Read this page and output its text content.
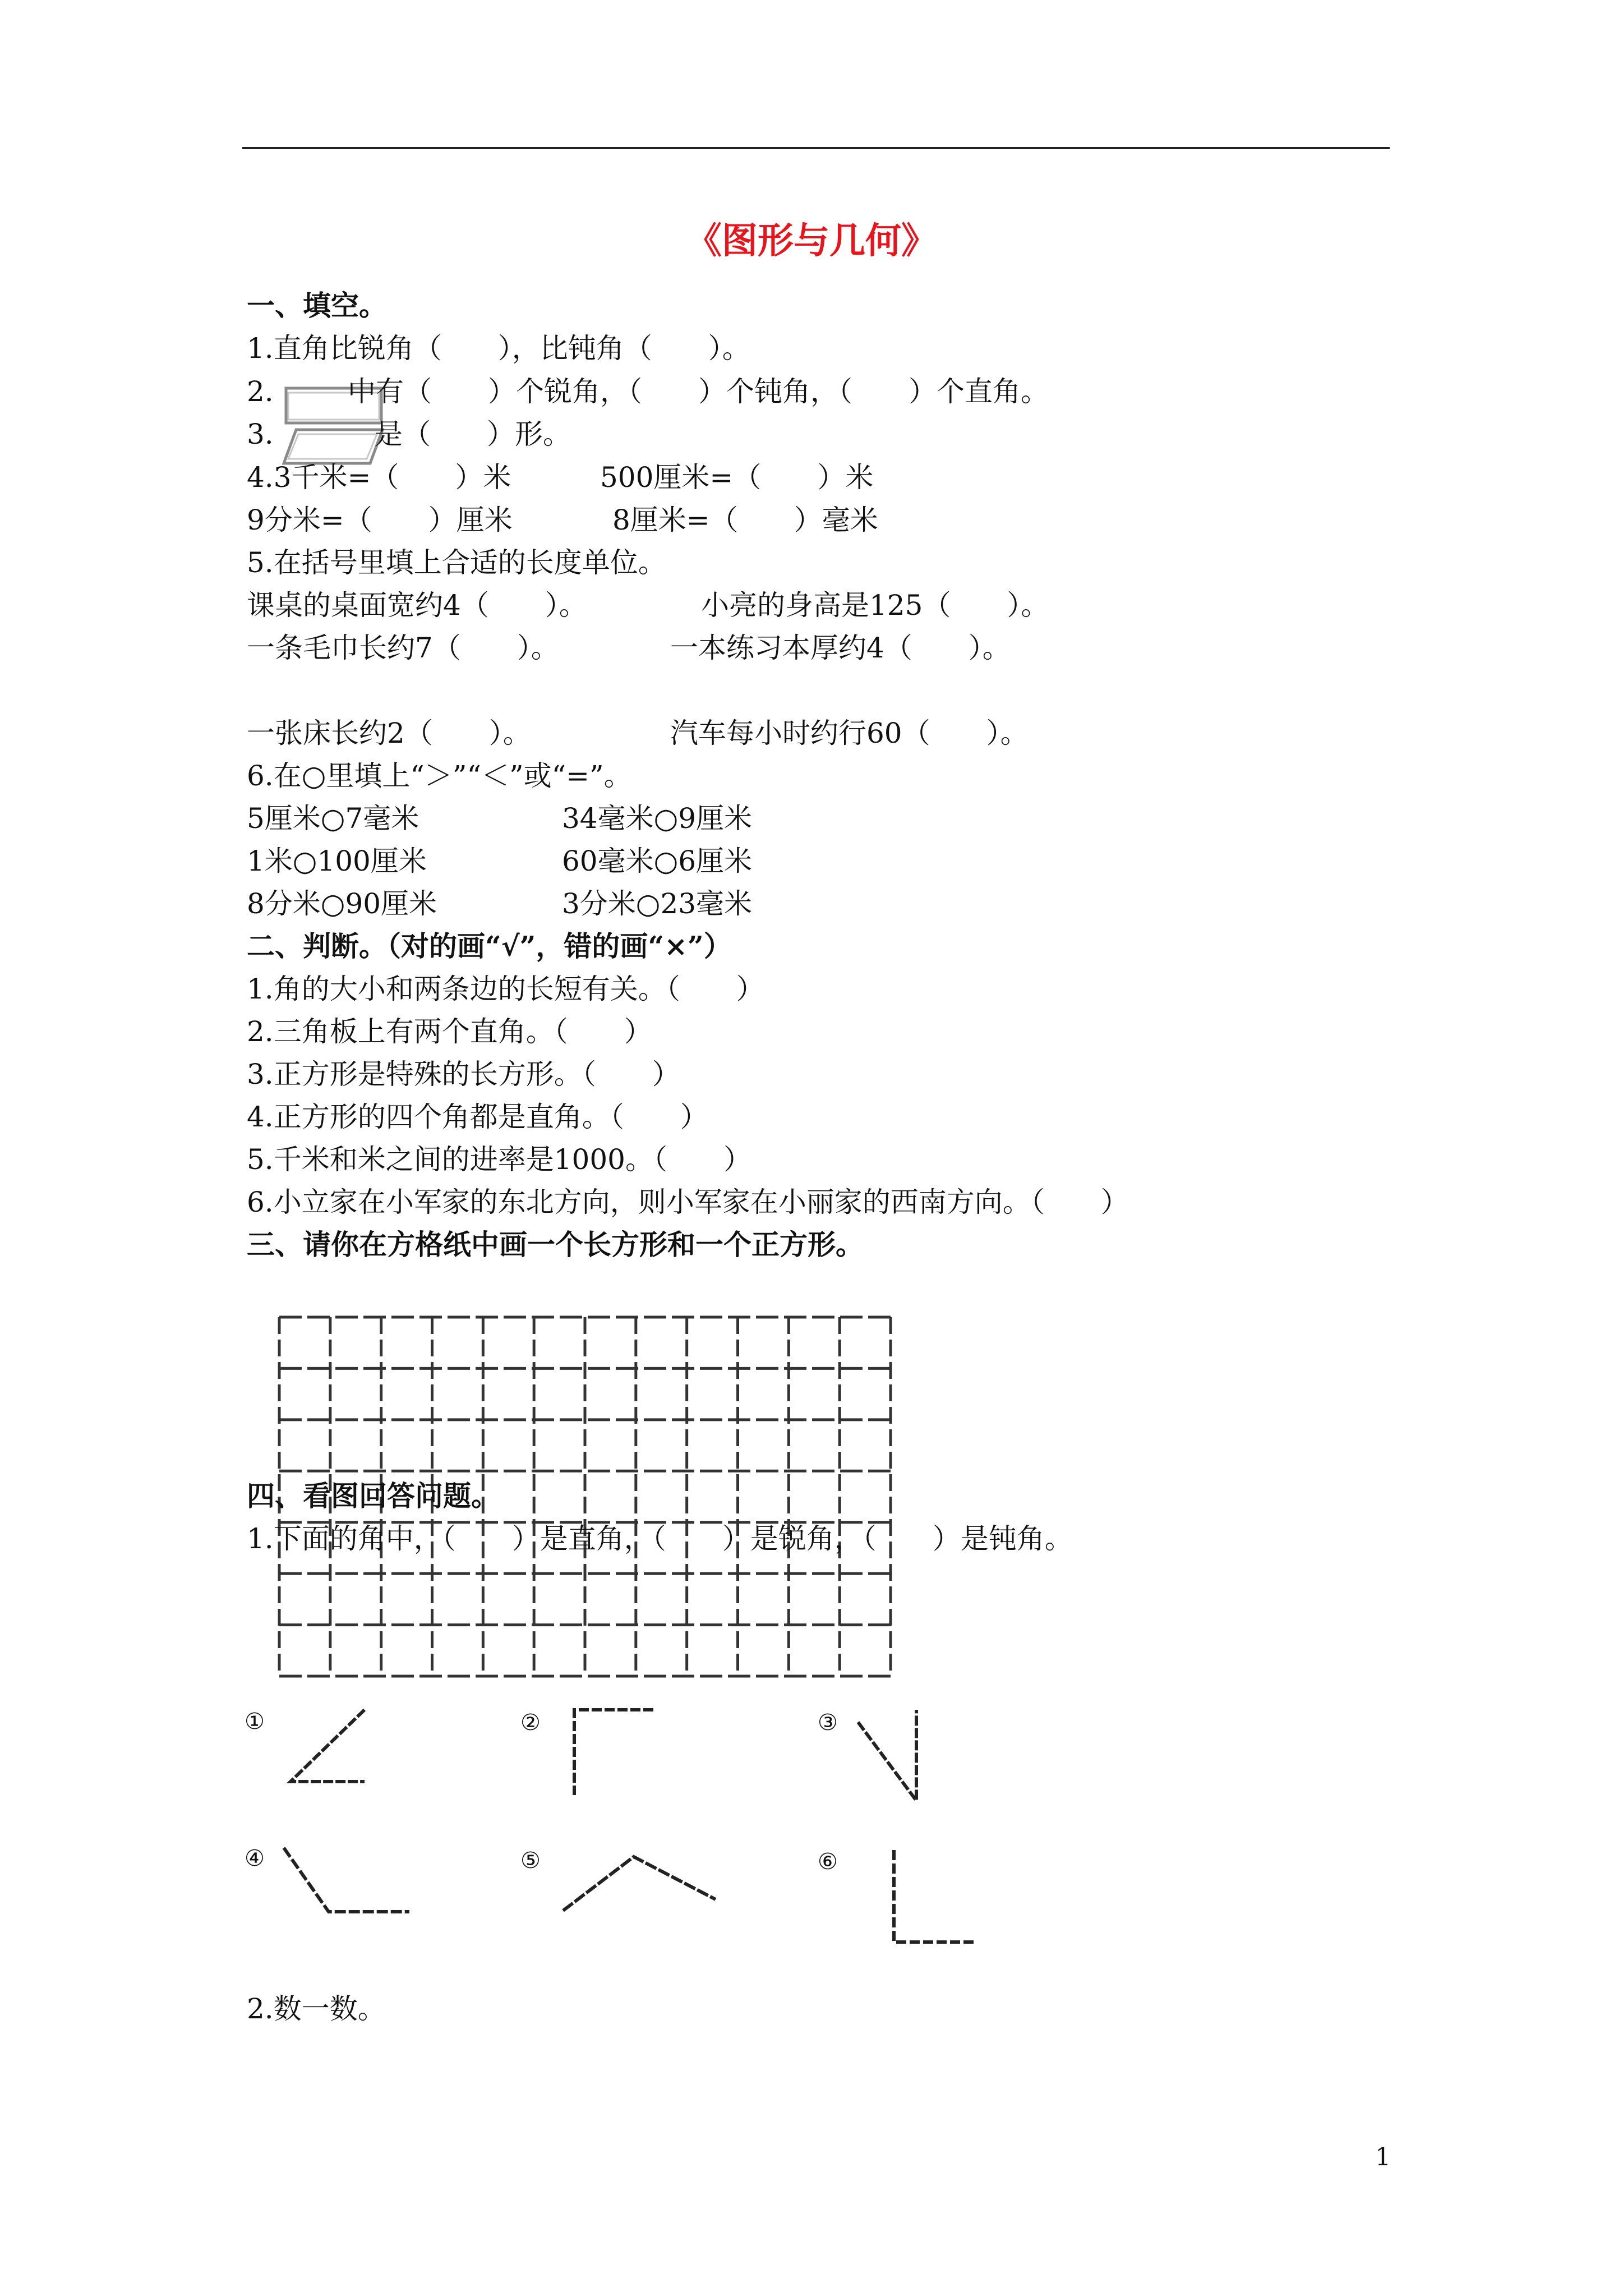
《图形与几何》
一、填空。
1.直角比锐角（　　），比钝角（　　）。
2.	中有（　　）个锐角，（　　）个钝角，（　　）个直角。
3.	是（　　）形。
4.3千米=（　　）米	500厘米=（　　）米
9分米=（　　）厘米	8厘米=（　　）毫米
5.在括号里填上合适的长度单位。
课桌的桌面宽约4（　　）。	小亮的身高是125（　　）。
一条毛巾长约7（　　）。	一本练习本厚约4（　　）。
一张床长约2（　　）。	汽车每小时约行60（　　）。
6.在○里填上“＞”“＜”或“=”。
5厘米○7毫米	34毫米○9厘米
1米○100厘米	60毫米○6厘米
8分米○90厘米	3分米○23毫米
二、判断。（对的画“√”，错的画“×”）
1.角的大小和两条边的长短有关。（　　）
2.三角板上有两个直角。（　　）
3.正方形是特殊的长方形。（　　）
4.正方形的四个角都是直角。（　　）
5.千米和米之间的进率是1000。（　　）
6.小立家在小军家的东北方向，则小军家在小丽家的西南方向。（　　）
三、请你在方格纸中画一个长方形和一个正方形。
四、看图回答问题。
1.下面的角中，（　　）是直角，（　　）是锐角，（　　）是钝角。
①	②	③
④	⑤	⑥
2.数一数。
1
